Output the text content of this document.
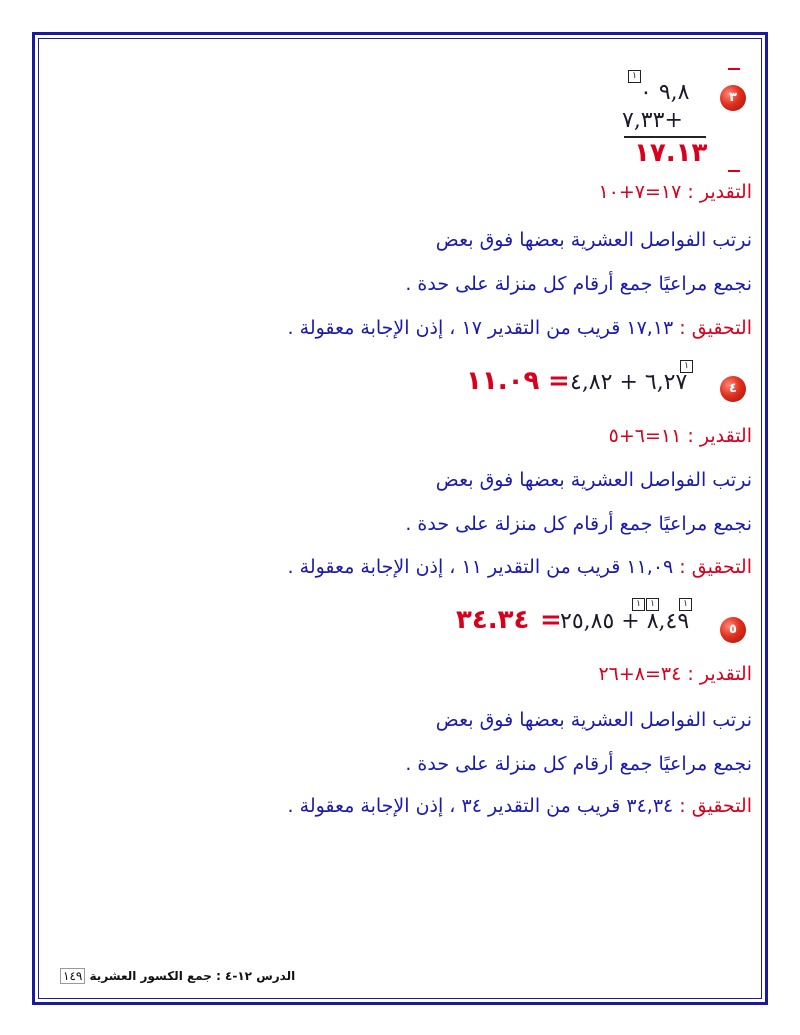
٣
١
٩,٨ ٠
٧,٣٣+
١٧.١٣
التقدير : ١٧=٧+١٠
نرتب الفواصل العشرية بعضها فوق بعض
نجمع مراعيًا جمع أرقام كل منزلة على حدة .
التحقيق : ١٧,١٣ قريب من التقدير ١٧ ، إذن الإجابة معقولة .
٤
١
٦,٢٧ + ٤,٨٢
=
١١.٠٩
التقدير : ١١=٦+٥
نرتب الفواصل العشرية بعضها فوق بعض
نجمع مراعيًا جمع أرقام كل منزلة على حدة .
التحقيق : ١١,٠٩ قريب من التقدير ١١ ، إذن الإجابة معقولة .
٥
١	١	١
٨,٤٩ + ٢٥,٨٥
=
٣٤.٣٤
التقدير : ٣٤=٨+٢٦
نرتب الفواصل العشرية بعضها فوق بعض
نجمع مراعيًا جمع أرقام كل منزلة على حدة .
التحقيق : ٣٤,٣٤ قريب من التقدير ٣٤ ، إذن الإجابة معقولة .
الدرس ١٢-٤ : جمع الكسور العشرية ١٤٩
